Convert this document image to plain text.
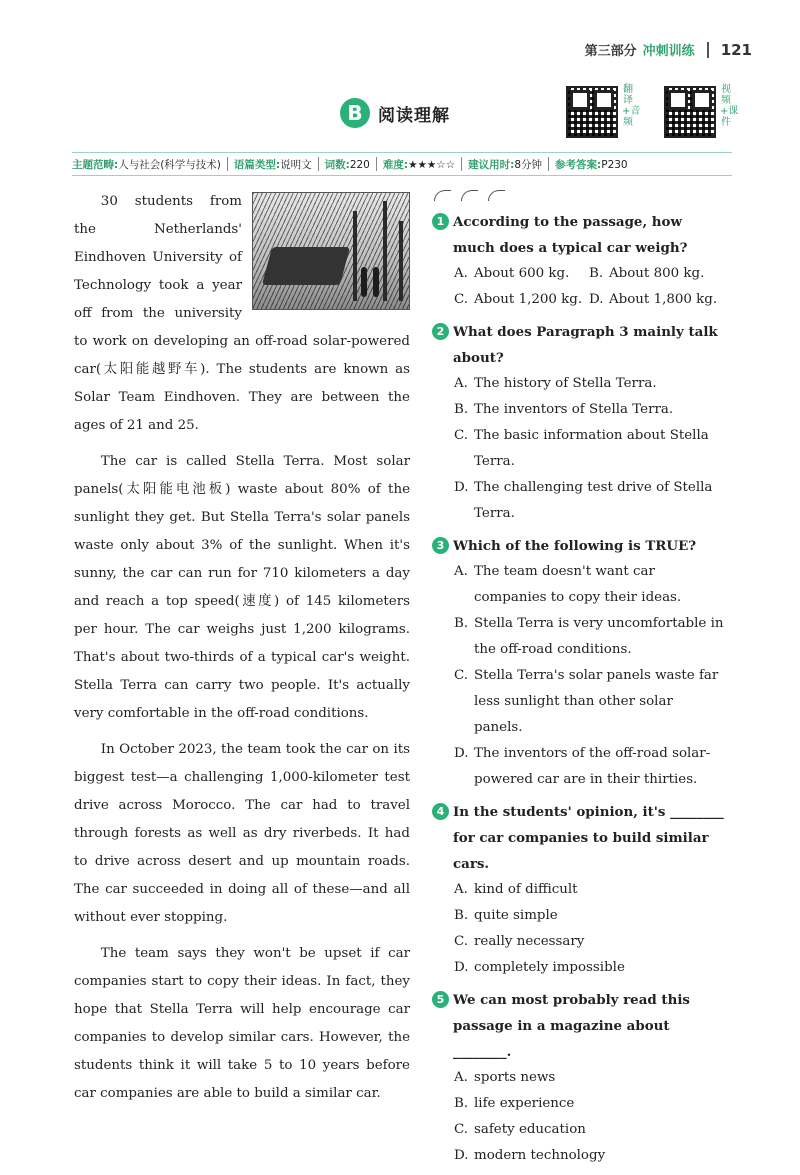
第三部分 冲刺训练 121
B 阅读理解
翻译+音频
视频+课件
主题范畴:人与社会(科学与技术) 语篇类型:说明文 词数:220 难度:★★★☆☆ 建议用时:8分钟 参考答案:P230

30 students from the Netherlands' Eindhoven University of Technology took a year off from the university to work on developing an off-road solar-powered car(太阳能越野车). The students are known as Solar Team Eindhoven. They are between the ages of 21 and 25.

The car is called Stella Terra. Most solar panels(太阳能电池板) waste about 80% of the sunlight they get. But Stella Terra's solar panels waste only about 3% of the sunlight. When it's sunny, the car can run for 710 kilometers a day and reach a top speed(速度) of 145 kilometers per hour. The car weighs just 1,200 kilograms. That's about two-thirds of a typical car's weight. Stella Terra can carry two people. It's actually very comfortable in the off-road conditions.

In October 2023, the team took the car on its biggest test—a challenging 1,000-kilometer test drive across Morocco. The car had to travel through forests as well as dry riverbeds. It had to drive across desert and up mountain roads. The car succeeded in doing all of these—and all without ever stopping.

The team says they won't be upset if car companies start to copy their ideas. In fact, they hope that Stella Terra will help encourage car companies to develop similar cars. However, the students think it will take 5 to 10 years before car companies are able to build a similar car.

1 According to the passage, how much does a typical car weigh?
A. About 600 kg. B. About 800 kg.
C. About 1,200 kg. D. About 1,800 kg.
2 What does Paragraph 3 mainly talk about?
A. The history of Stella Terra.
B. The inventors of Stella Terra.
C. The basic information about Stella Terra.
D. The challenging test drive of Stella Terra.
3 Which of the following is TRUE?
A. The team doesn't want car companies to copy their ideas.
B. Stella Terra is very uncomfortable in the off-road conditions.
C. Stella Terra's solar panels waste far less sunlight than other solar panels.
D. The inventors of the off-road solar-powered car are in their thirties.
4 In the students' opinion, it's ________ for car companies to build similar cars.
A. kind of difficult
B. quite simple
C. really necessary
D. completely impossible
5 We can most probably read this passage in a magazine about ________.
A. sports news
B. life experience
C. safety education
D. modern technology
